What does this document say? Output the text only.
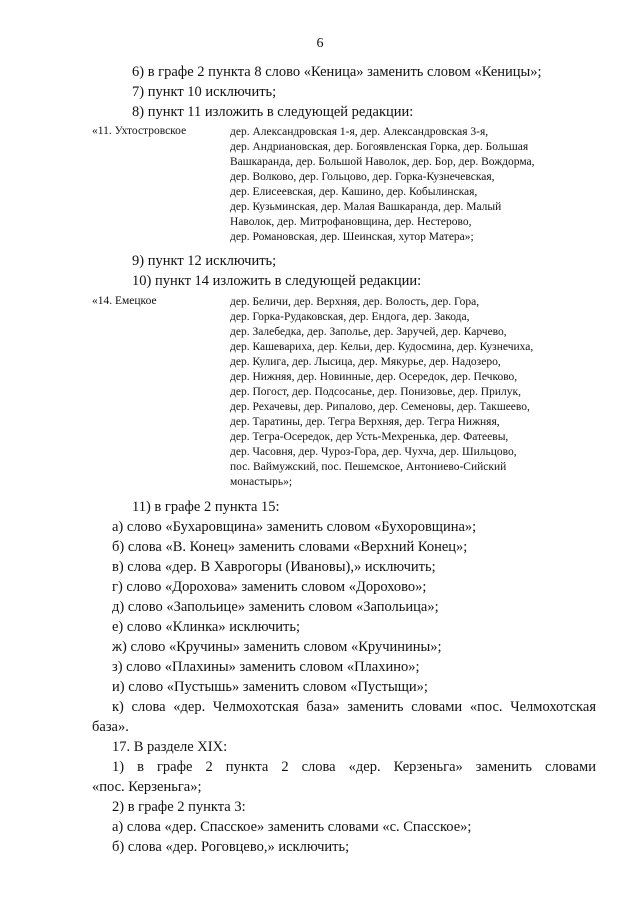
6
6) в графе 2 пункта 8 слово «Кеница» заменить словом «Кеницы»;
7) пункт 10 исключить;
8) пункт 11 изложить в следующей редакции:
«11. Ухтостровское	дер. Александровская 1-я, дер. Александровская 3-я,
дер. Андриановская, дер. Богоявленская Горка, дер. Большая
Вашкаранда, дер. Большой Наволок, дер. Бор, дер. Вождорма,
дер. Волково, дер. Гольцово, дер. Горка-Кузнечевская,
дер. Елисеевская, дер. Кашино, дер. Кобылинская,
дер. Кузьминская, дер. Малая Вашкаранда, дер. Малый
Наволок, дер. Митрофановщина, дер. Нестерово,
дер. Романовская, дер. Шеинская, хутор Матера»;
9) пункт 12 исключить;
10) пункт 14 изложить в следующей редакции:
«14. Емецкое	дер. Беличи, дер. Верхняя, дер. Волость, дер. Гора,
дер. Горка-Рудаковская, дер. Ендога, дер. Закода,
дер. Залебедка, дер. Заполье, дер. Заручей, дер. Карчево,
дер. Кашевариха, дер. Кельи, дер. Кудосмина, дер. Кузнечиха,
дер. Кулига, дер. Лысица, дер. Мякурье, дер. Надозеро,
дер. Нижняя, дер. Новинные, дер. Осередок, дер. Печково,
дер. Погост, дер. Подсосанье, дер. Понизовье, дер. Прилук,
дер. Рехачевы, дер. Рипалово, дер. Семеновы, дер. Такшеево,
дер. Таратины, дер. Тегра Верхняя, дер. Тегра Нижняя,
дер. Тегра-Осередок, дер Усть-Мехренька, дер. Фатеевы,
дер. Часовня, дер. Чуроз-Гора, дер. Чухча, дер. Шильцово,
пос. Ваймужский, пос. Пешемское, Антониево-Сийский
монастырь»;
11) в графе 2 пункта 15:
а) слово «Бухаровщина» заменить словом «Бухоровщина»;
б) слова «В. Конец» заменить словами «Верхний Конец»;
в) слова «дер. В Хаврогоры (Ивановы),» исключить;
г) слово «Дорохова» заменить словом «Дорохово»;
д) слово «Запольице» заменить словом «Запольица»;
е) слово «Клинка» исключить;
ж) слово «Кручины» заменить словом «Кручинины»;
з) слово «Плахины» заменить словом «Плахино»;
и) слово «Пустышь» заменить словом «Пустыщи»;
к) слова «дер. Челмохотская база» заменить словами «пос. Челмохотская
база».
17. В разделе XIX:
1) в графе 2 пункта 2 слова «дер. Керзеньга» заменить словами
«пос. Керзеньга»;
2) в графе 2 пункта 3:
а) слова «дер. Спасское» заменить словами «с. Спасское»;
б) слова «дер. Роговцево,» исключить;
